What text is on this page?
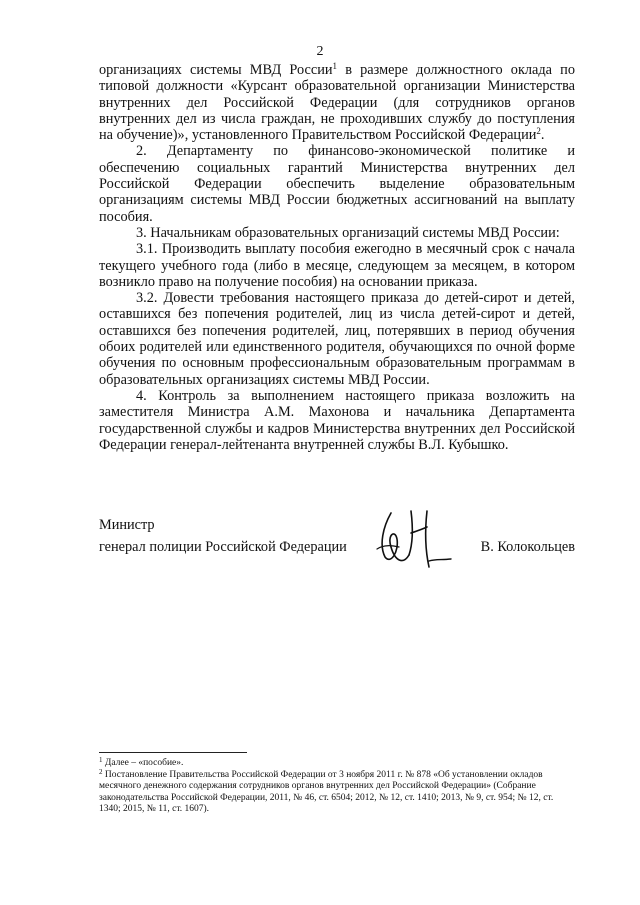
2

организациях системы МВД России$^1$ в размере должностного оклада по типовой должности «Курсант образовательной организации Министерства внутренних дел Российской Федерации (для сотрудников органов внутренних дел из числа граждан, не проходивших службу до поступления на обучение)», установленного Правительством Российской Федерации$^2$.

2. Департаменту по финансово-экономической политике и обеспечению социальных гарантий Министерства внутренних дел Российской Федерации обеспечить выделение образовательным организациям системы МВД России бюджетных ассигнований на выплату пособия.

3. Начальникам образовательных организаций системы МВД России:

3.1. Производить выплату пособия ежегодно в месячный срок с начала текущего учебного года (либо в месяце, следующем за месяцем, в котором возникло право на получение пособия) на основании приказа.

3.2. Довести требования настоящего приказа до детей-сирот и детей, оставшихся без попечения родителей, лиц из числа детей-сирот и детей, оставшихся без попечения родителей, лиц, потерявших в период обучения обоих родителей или единственного родителя, обучающихся по очной форме обучения по основным профессиональным образовательным программам в образовательных организациях системы МВД России.

4. Контроль за выполнением настоящего приказа возложить на заместителя Министра А.М. Махонова и начальника Департамента государственной службы и кадров Министерства внутренних дел Российской Федерации генерал-лейтенанта внутренней службы В.Л. Кубышко.

Министр
генерал полиции Российской Федерации	В. Колокольцев

$^1$ Далее – «пособие».

$^2$ Постановление Правительства Российской Федерации от 3 ноября 2011 г. № 878 «Об установлении окладов месячного денежного содержания сотрудников органов внутренних дел Российской Федерации» (Собрание законодательства Российской Федерации, 2011, № 46, ст. 6504; 2012, № 12, ст. 1410; 2013, № 9, ст. 954; № 12, ст. 1340; 2015, № 11, ст. 1607).
